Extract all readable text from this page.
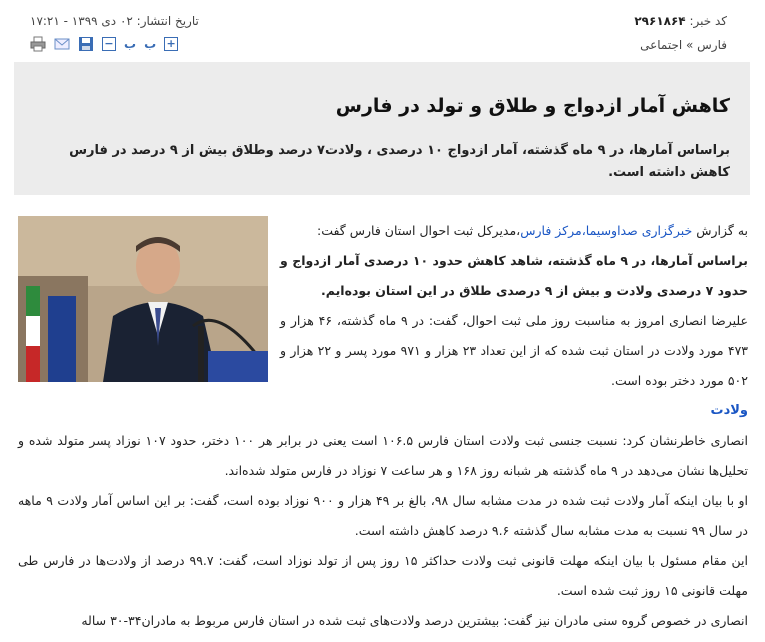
کد خبر: ۲۹۶۱۸۶۴
فارس » اجتماعی
تاریخ انتشار: ۰۲ دی ۱۳۹۹ - ۱۷:۲۱
− ب ب +
کاهش آمار ازدواج و طلاق و تولد در فارس
براساس آمارها، در ۹ ماه گذشته، آمار ازدواج ۱۰ درصدی ، ولادت۷ درصد وطلاق بیش از ۹ درصد در فارس کاهش داشته است.

به گزارش خبرگزاری صداوسیما،مرکز فارس،مدیرکل ثبت احوال استان فارس گفت:

براساس آمارها، در ۹ ماه گذشته، شاهد کاهش حدود ۱۰ درصدی آمار ازدواج و حدود ۷ درصدی ولادت و بیش از ۹ درصدی طلاق در این استان بوده‌ایم.

علیرضا انصاری امروز به مناسبت روز ملی ثبت احوال، گفت: در ۹ ماه گذشته، ۴۶ هزار و ۴۷۳ مورد ولادت در استان ثبت شده که از این تعداد ۲۳ هزار و ۹۷۱ مورد پسر و ۲۲ هزار و ۵۰۲ مورد دختر بوده است.

ولادت

انصاری خاطرنشان کرد: نسبت جنسی ثبت ولادت استان فارس ۱۰۶.۵ است یعنی در برابر هر ۱۰۰ دختر، حدود ۱۰۷ نوزاد پسر متولد شده و تحلیل‌ها نشان می‌دهد در ۹ ماه گذشته هر شبانه روز ۱۶۸ و هر ساعت ۷ نوزاد در فارس متولد شده‌اند.

او با بیان اینکه آمار ولادت ثبت شده در مدت مشابه سال ۹۸، بالغ بر ۴۹ هزار و ۹۰۰ نوزاد بوده است، گفت: بر این اساس آمار ولادت ۹ ماهه در سال ۹۹ نسبت به مدت مشابه سال گذشته ۹.۶ درصد کاهش داشته است.

این مقام مسئول با بیان اینکه مهلت قانونی ثبت ولادت حداکثر ۱۵ روز پس از تولد نوزاد است، گفت: ۹۹.۷ درصد از ولادت‌ها در فارس طی مهلت قانونی ۱۵ روز ثبت شده است.

انصاری در خصوص گروه سنی مادران نیز گفت: بیشترین درصد ولادت‌های ثبت شده در استان فارس مربوط به مادران۳۴-۳۰ ساله
